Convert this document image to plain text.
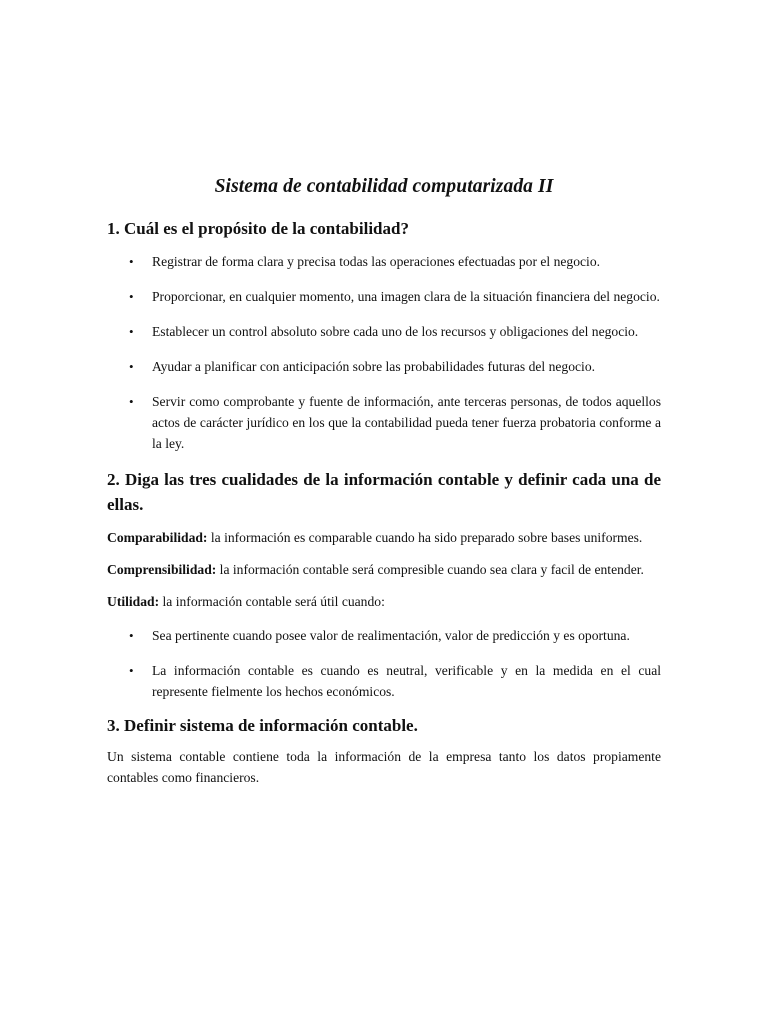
Sistema de contabilidad computarizada II
1. Cuál es el propósito de la contabilidad?
• Registrar de forma clara y precisa todas las operaciones efectuadas por el negocio.
• Proporcionar, en cualquier momento, una imagen clara de la situación financiera del negocio.
• Establecer un control absoluto sobre cada uno de los recursos y obligaciones del negocio.
• Ayudar a planificar con anticipación sobre las probabilidades futuras del negocio.
• Servir como comprobante y fuente de información, ante terceras personas, de todos aquellos actos de carácter jurídico en los que la contabilidad pueda tener fuerza probatoria conforme a la ley.
2. Diga las tres cualidades de la información contable y definir cada una de ellas.

Comparabilidad: la información es comparable cuando ha sido preparado sobre bases uniformes.

Comprensibilidad: la información contable será compresible cuando sea clara y facil de entender.

Utilidad: la información contable será útil cuando:

• Sea pertinente cuando posee valor de realimentación, valor de predicción y es oportuna.
• La información contable es cuando es neutral, verificable y en la medida en el cual represente fielmente los hechos económicos.
3. Definir sistema de información contable.

Un sistema contable contiene toda la información de la empresa tanto los datos propiamente contables como financieros.
